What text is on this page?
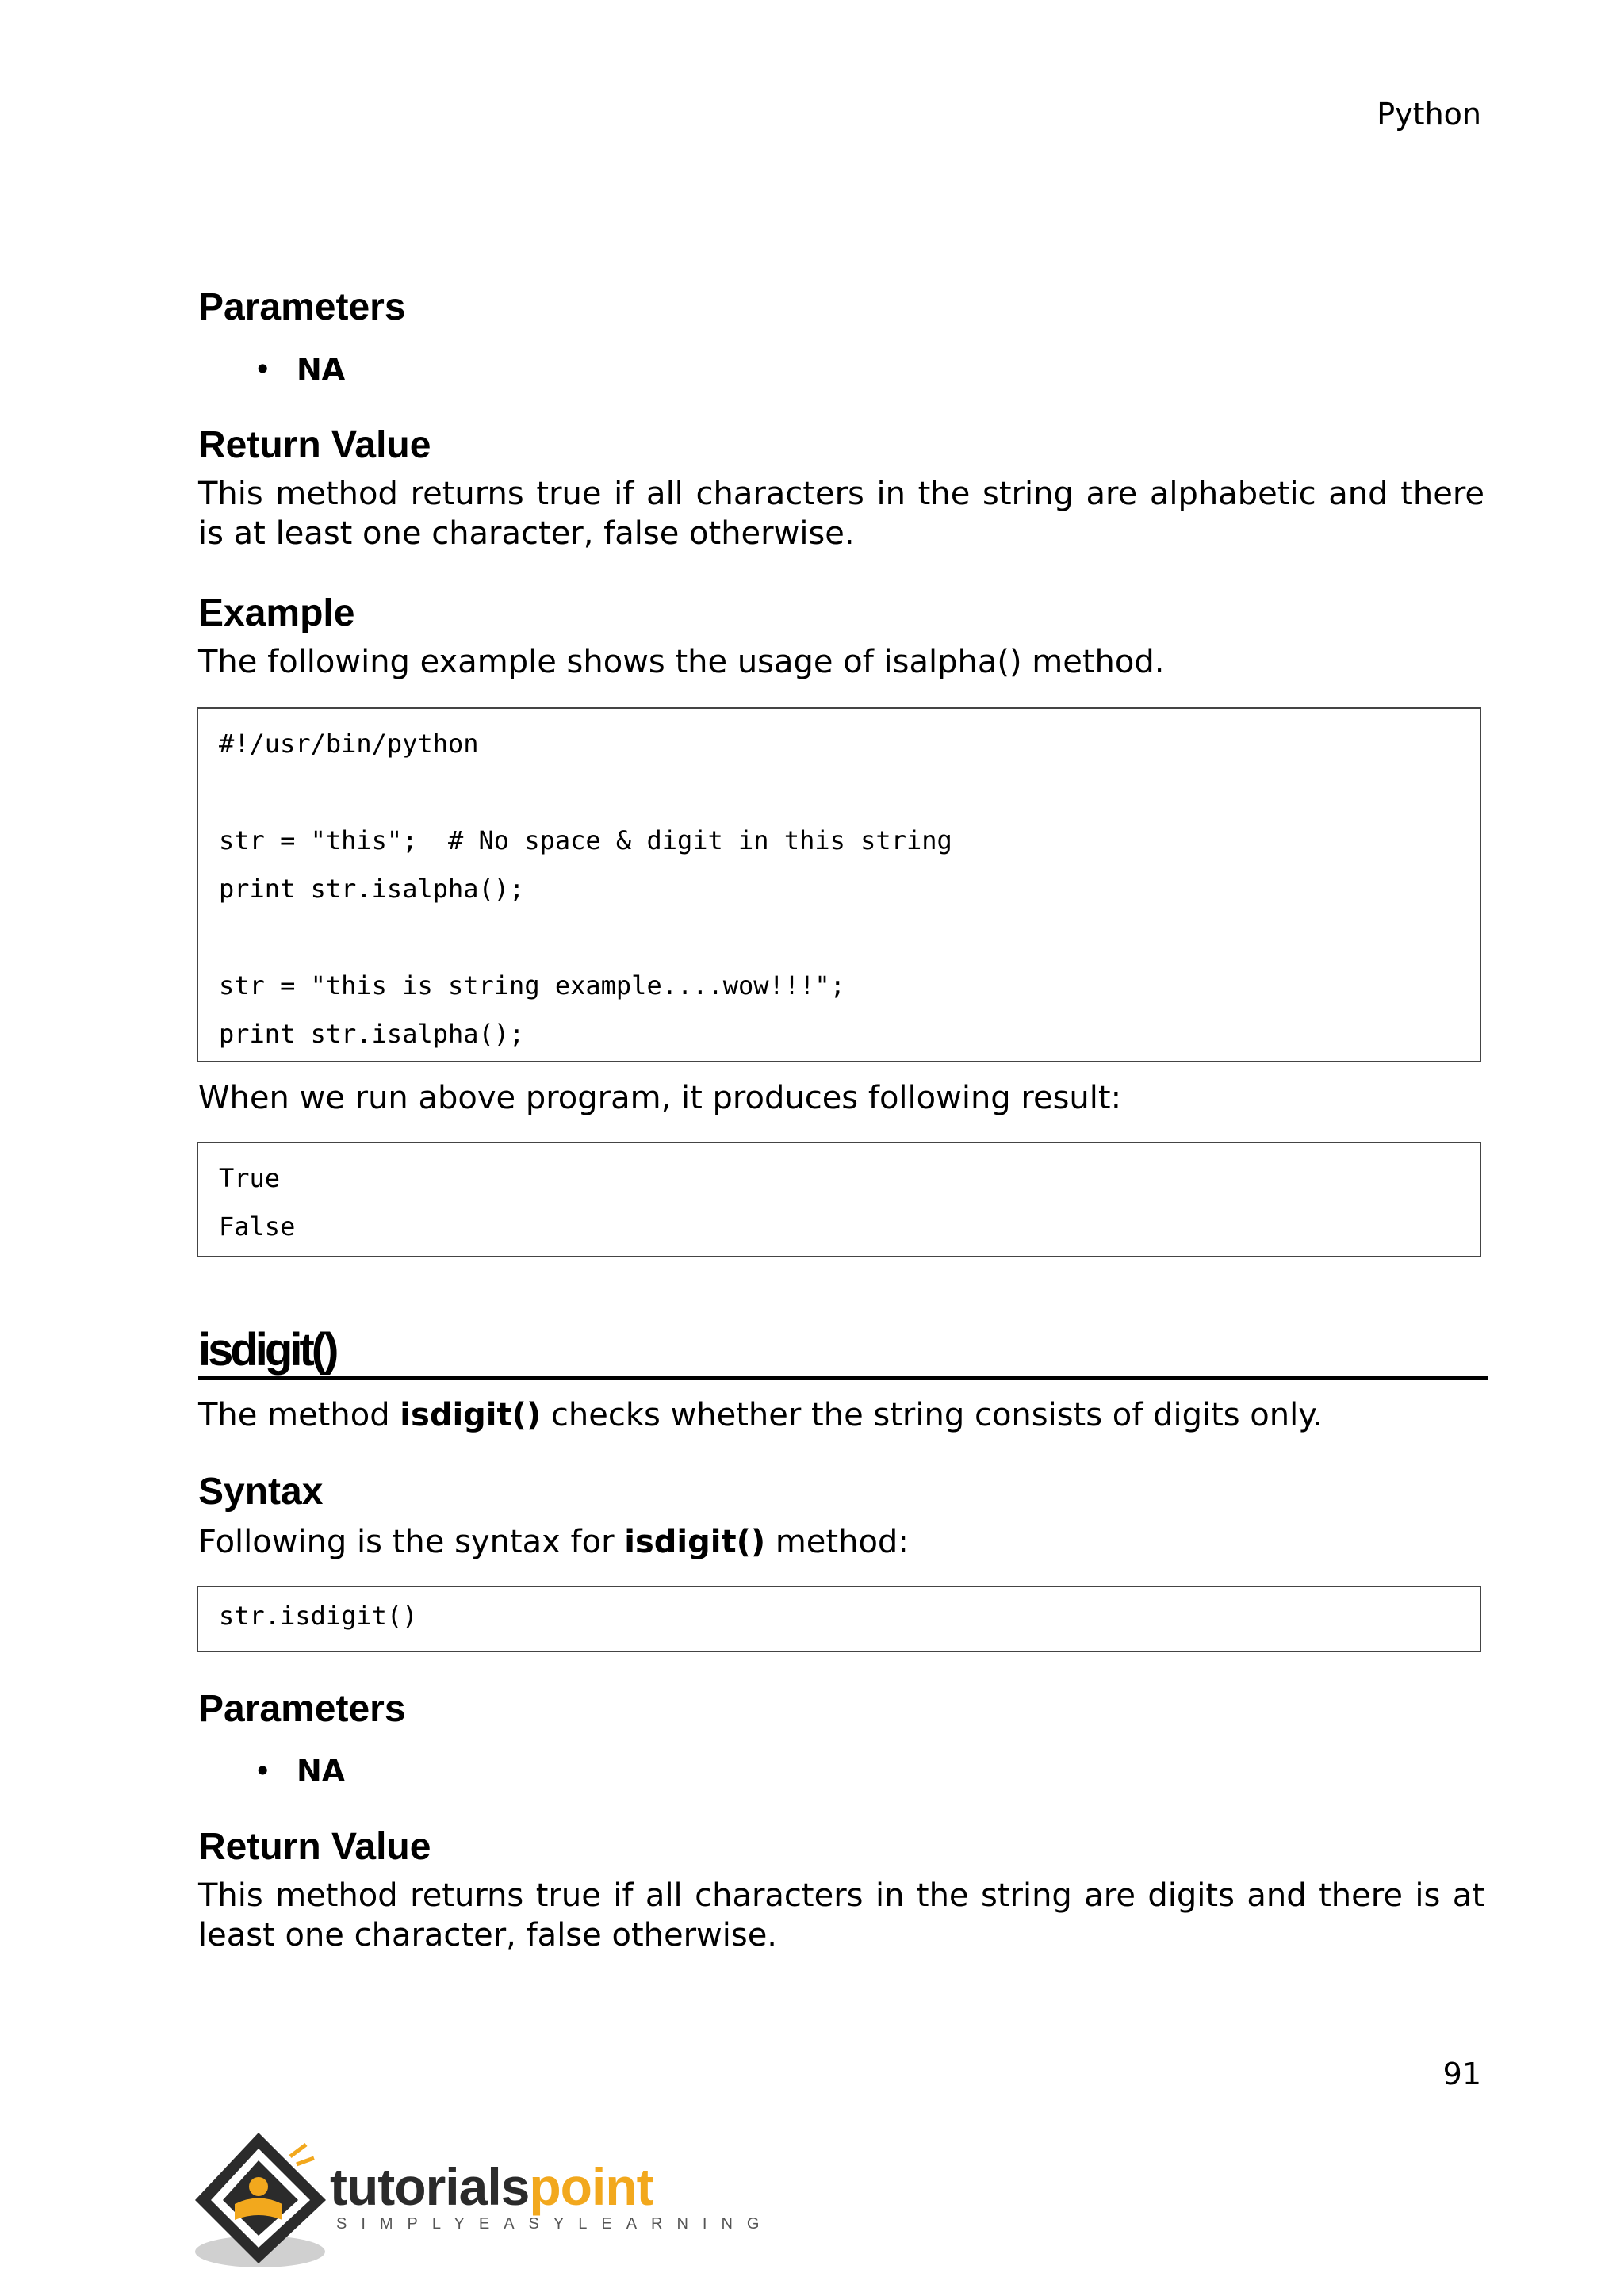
Python
Parameters
• NA
Return Value

This method returns true if all characters in the string are alphabetic and there is at least one character, false otherwise.

Example

The following example shows the usage of isalpha() method.

#!/usr/bin/python
str = "this";  # No space & digit in this string
print str.isalpha();
str = "this is string example....wow!!!";
print str.isalpha();

When we run above program, it produces following result:

True
False
isdigit()

The method isdigit() checks whether the string consists of digits only.

Syntax

Following is the syntax for isdigit() method:

str.isdigit()
Parameters
• NA
Return Value

This method returns true if all characters in the string are digits and there is at least one character, false otherwise.

91
tutorialspoint
SIMPLYEASYLEARNING
